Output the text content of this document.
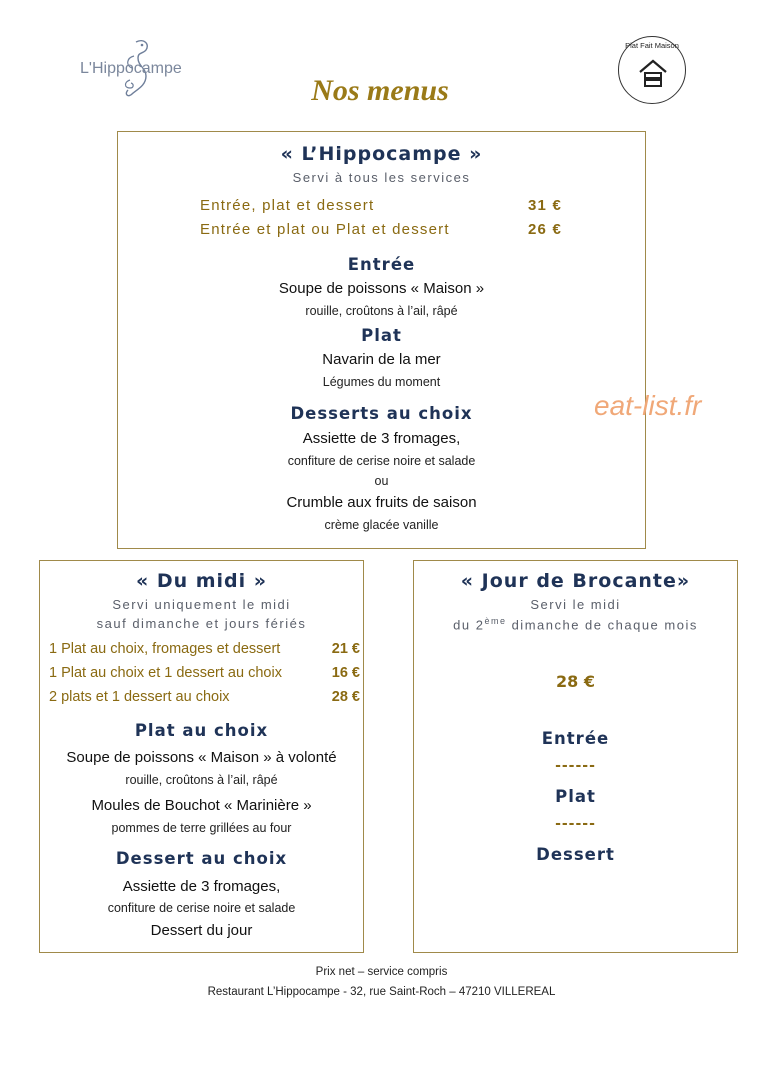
L'Hippocampe
Nos menus
Plat Fait Maison
« L’Hippocampe »
Servi à tous les services
Entrée, plat et dessert	31 €
Entrée et plat ou Plat et dessert	26 €
Entrée
Soupe de poissons « Maison »
rouille, croûtons à l’ail, râpé
Plat
Navarin de la mer
Légumes du moment
Desserts au choix
Assiette de 3 fromages,
confiture de cerise noire et salade
ou
Crumble aux fruits de saison
crème glacée vanille
eat-list.fr
« Du midi »
Servi uniquement le midi
sauf dimanche et jours fériés
1 Plat au choix, fromages et dessert	21 €
1 Plat au choix et 1 dessert au choix	16 €
2 plats et 1 dessert au choix	28 €
Plat au choix
Soupe de poissons « Maison » à volonté
rouille, croûtons à l’ail, râpé
Moules de Bouchot « Marinière »
pommes de terre grillées au four
Dessert au choix
Assiette de 3 fromages,
confiture de cerise noire et salade
Dessert du jour
« Jour de Brocante»
Servi le midi
du 2ème dimanche de chaque mois
28 €
Entrée
------
Plat
------
Dessert
Prix net – service compris
Restaurant L’Hippocampe - 32, rue Saint-Roch – 47210 VILLEREAL
